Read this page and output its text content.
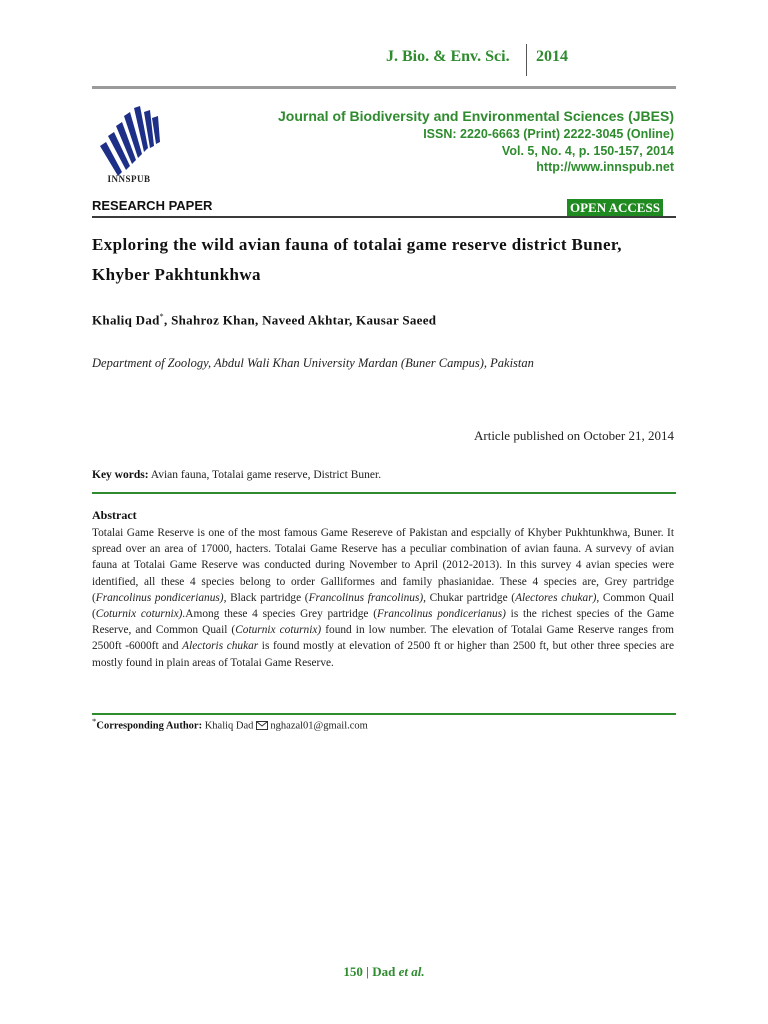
J. Bio. & Env. Sci. 2014
INNSPUB
Journal of Biodiversity and Environmental Sciences (JBES)
ISSN: 2220-6663 (Print) 2222-3045 (Online)
Vol. 5, No. 4, p. 150-157, 2014
http://www.innspub.net
RESEARCH PAPER	OPEN ACCESS
Exploring the wild avian fauna of totalai game reserve district Buner, Khyber Pakhtunkhwa
Khaliq Dad*, Shahroz Khan, Naveed Akhtar, Kausar Saeed
Department of Zoology, Abdul Wali Khan University Mardan (Buner Campus), Pakistan
Article published on October 21, 2014
Key words: Avian fauna, Totalai game reserve, District Buner.
Abstract
Totalai Game Reserve is one of the most famous Game Resereve of Pakistan and espcially of Khyber Pukhtunkhwa, Buner. It spread over an area of 17000, hacters. Totalai Game Reserve has a peculiar combination of avian fauna. A survevy of avian fauna at Totalai Game Reserve was conducted during November to April (2012-2013). In this survey 4 avian species were identified, all these 4 species belong to order Galliformes and family phasianidae. These 4 species are, Grey partridge (Francolinus pondicerianus), Black partridge (Francolinus francolinus), Chukar partridge (Alectores chukar), Common Quail (Coturnix coturnix).Among these 4 species Grey partridge (Francolinus pondicerianus) is the richest species of the Game Reserve, and Common Quail (Coturnix coturnix) found in low number. The elevation of Totalai Game Reserve ranges from 2500ft -6000ft and Alectoris chukar is found mostly at elevation of 2500 ft or higher than 2500 ft, but other three species are mostly found in plain areas of Totalai Game Reserve.
*Corresponding Author: Khaliq Dad nghazal01@gmail.com
150 | Dad et al.
